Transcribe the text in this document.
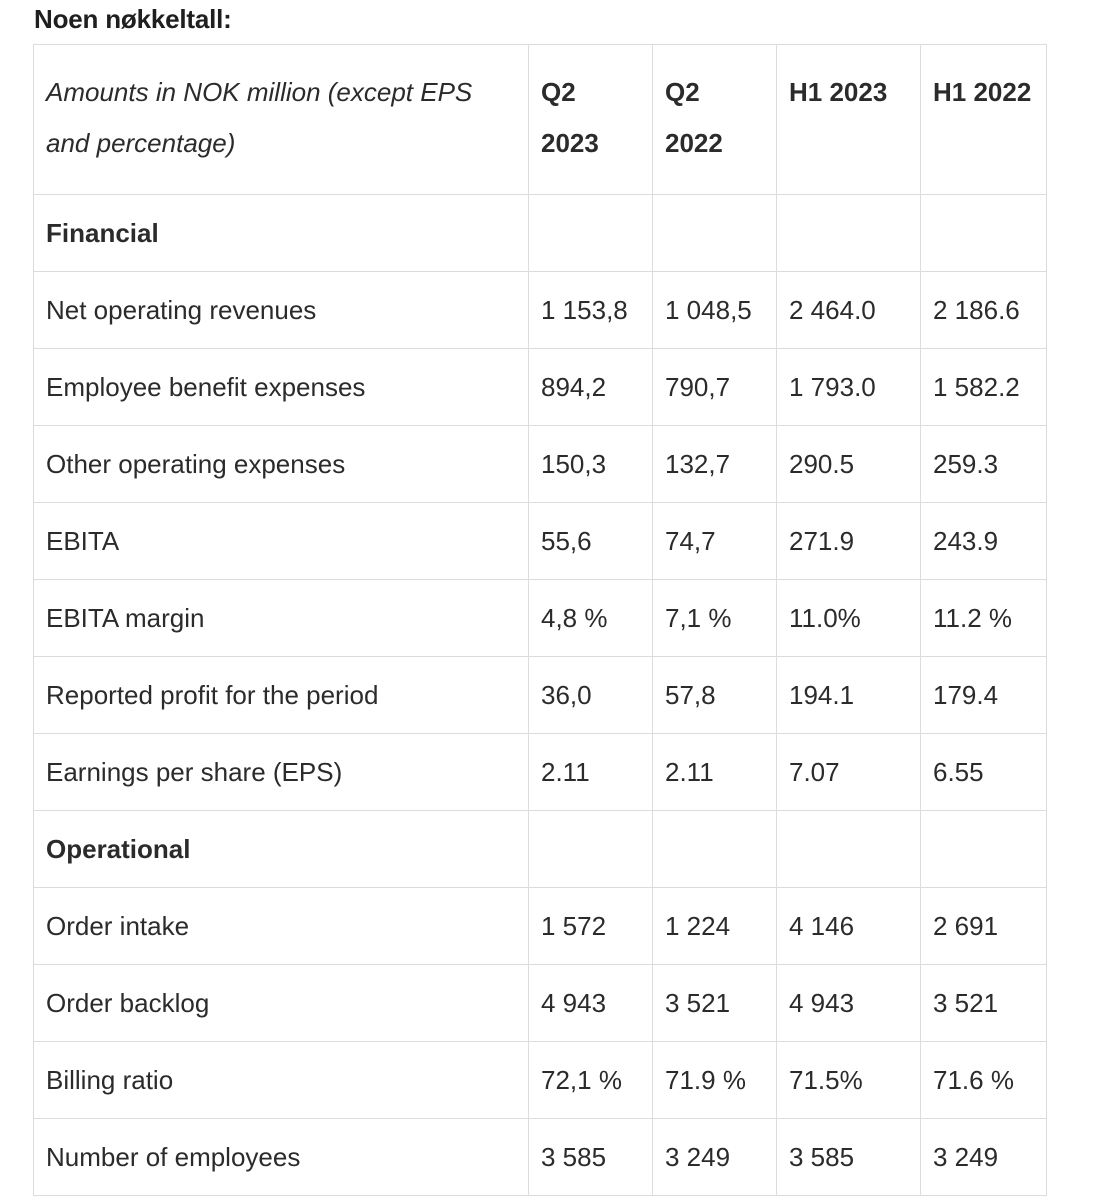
Noen nøkkeltall:
Amounts in NOK million (except EPS and percentage)	Q2 2023	Q2 2022	H1 2023	H1 2022
Financial				
Net operating revenues	1 153,8	1 048,5	2 464.0	2 186.6
Employee benefit expenses	894,2	790,7	1 793.0	1 582.2
Other operating expenses	150,3	132,7	290.5	259.3
EBITA	55,6	74,7	271.9	243.9
EBITA margin	4,8 %	7,1 %	11.0%	11.2 %
Reported profit for the period	36,0	57,8	194.1	179.4
Earnings per share (EPS)	2.11	2.11	7.07	6.55
Operational				
Order intake	1 572	1 224	4 146	2 691
Order backlog	4 943	3 521	4 943	3 521
Billing ratio	72,1 %	71.9 %	71.5%	71.6 %
Number of employees	3 585	3 249	3 585	3 249
